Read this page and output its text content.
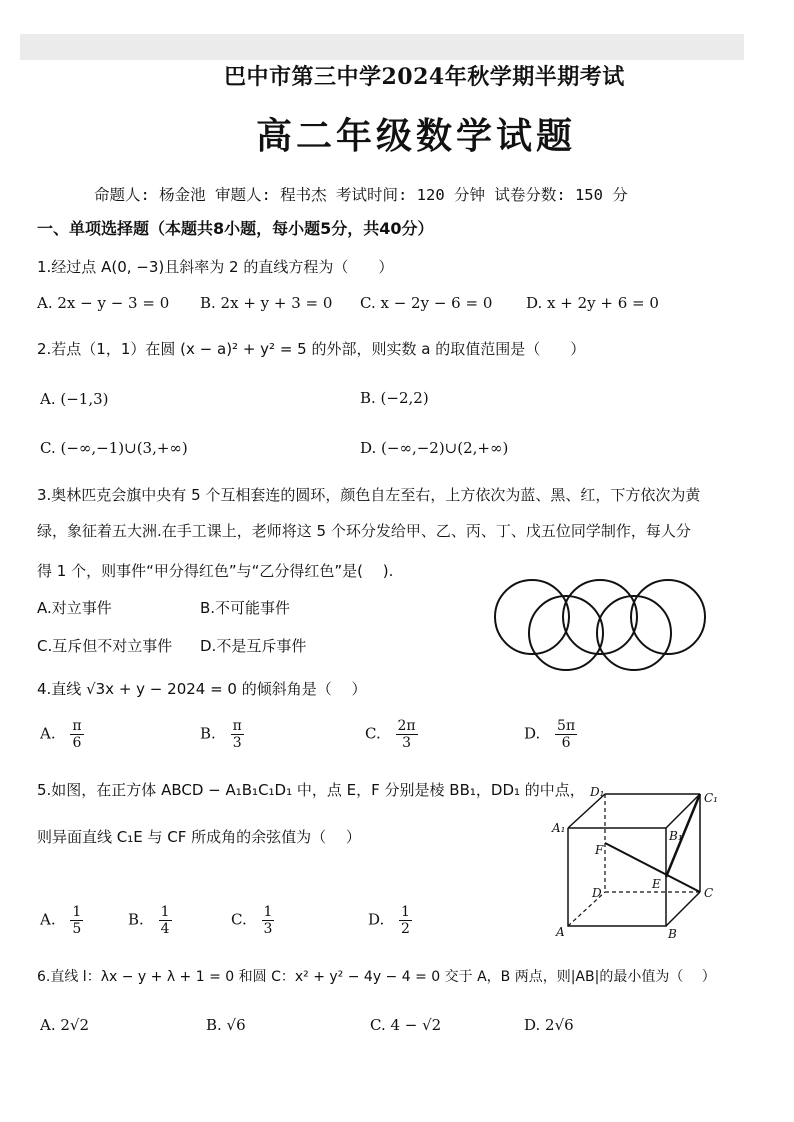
巴中市第三中学2024年秋学期半期考试
高二年级数学试题
命题人: 杨金池 审题人: 程书杰 考试时间: 120 分钟 试卷分数: 150 分
一、单项选择题（本题共8小题，每小题5分，共40分）
1.经过点 A(0, −3)且斜率为 2 的直线方程为（　　）
A. 2x − y − 3 = 0 B. 2x + y + 3 = 0 C. x − 2y − 6 = 0 D. x + 2y + 6 = 0
2.若点（1，1）在圆 (x − a)² + y² = 5 的外部，则实数 a 的取值范围是（　　）
A. (−1,3)	B. (−2,2)
C. (−∞,−1)∪(3,+∞)	D. (−∞,−2)∪(2,+∞)
3.奥林匹克会旗中央有 5 个互相套连的圆环，颜色自左至右，上方依次为蓝、黑、红，下方依次为黄
绿，象征着五大洲.在手工课上，老师将这 5 个环分发给甲、乙、丙、丁、戊五位同学制作，每人分
得 1 个，则事件“甲分得红色”与“乙分得红色”是(　 ).
A.对立事件	B.不可能事件
C.互斥但不对立事件 D.不是互斥事件
4.直线 √3x + y − 2024 = 0 的倾斜角是（　 ）
A. $\frac{\pi}{6}$	B. $\frac{\pi}{3}$	C. $\frac{2\pi}{3}$	D. $\frac{5\pi}{6}$
5.如图，在正方体 ABCD − A₁B₁C₁D₁ 中，点 E，F 分别是棱 BB₁，DD₁ 的中点，
则异面直线 C₁E 与 CF 所成角的余弦值为（　 ）
D₁	C₁
A₁
B₁
F
E
D	C
A	B
A. $\frac{1}{5}$	B. $\frac{1}{4}$	C. $\frac{1}{3}$	D. $\frac{1}{2}$
6.直线 l：λx − y + λ + 1 = 0 和圆 C：x² + y² − 4y − 4 = 0 交于 A，B 两点，则|AB|的最小值为（　 ）
A. 2√2	B. √6	C. 4 − √2	D. 2√6
